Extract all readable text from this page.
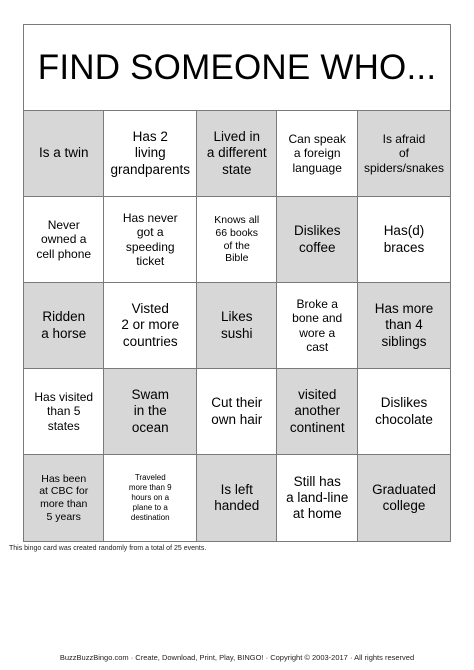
FIND SOMEONE WHO...
Is a twin
Has 2
living
grandparents
Lived in
a different
state
Can speak
a foreign
language
Is afraid
of
spiders/snakes
Never
owned a
cell phone
Has never
got a
speeding
ticket
Knows all
66 books
of the
Bible
Dislikes
coffee
Has(d)
braces
Ridden
a horse
Visted
2 or more
countries
Likes
sushi
Broke a
bone and
wore a
cast
Has more
than 4
siblings
Has visited
than 5
states
Swam
in the
ocean
Cut their
own hair
visited
another
continent
Dislikes
chocolate
Has been
at CBC for
more than
5 years
Traveled
more than 9
hours on a
plane to a
destination
Is left
handed
Still has
a land-line
at home
Graduated
college
This bingo card was created randomly from a total of 25 events.
BuzzBuzzBingo.com · Create, Download, Print, Play, BINGO! · Copyright © 2003-2017 · All rights reserved
